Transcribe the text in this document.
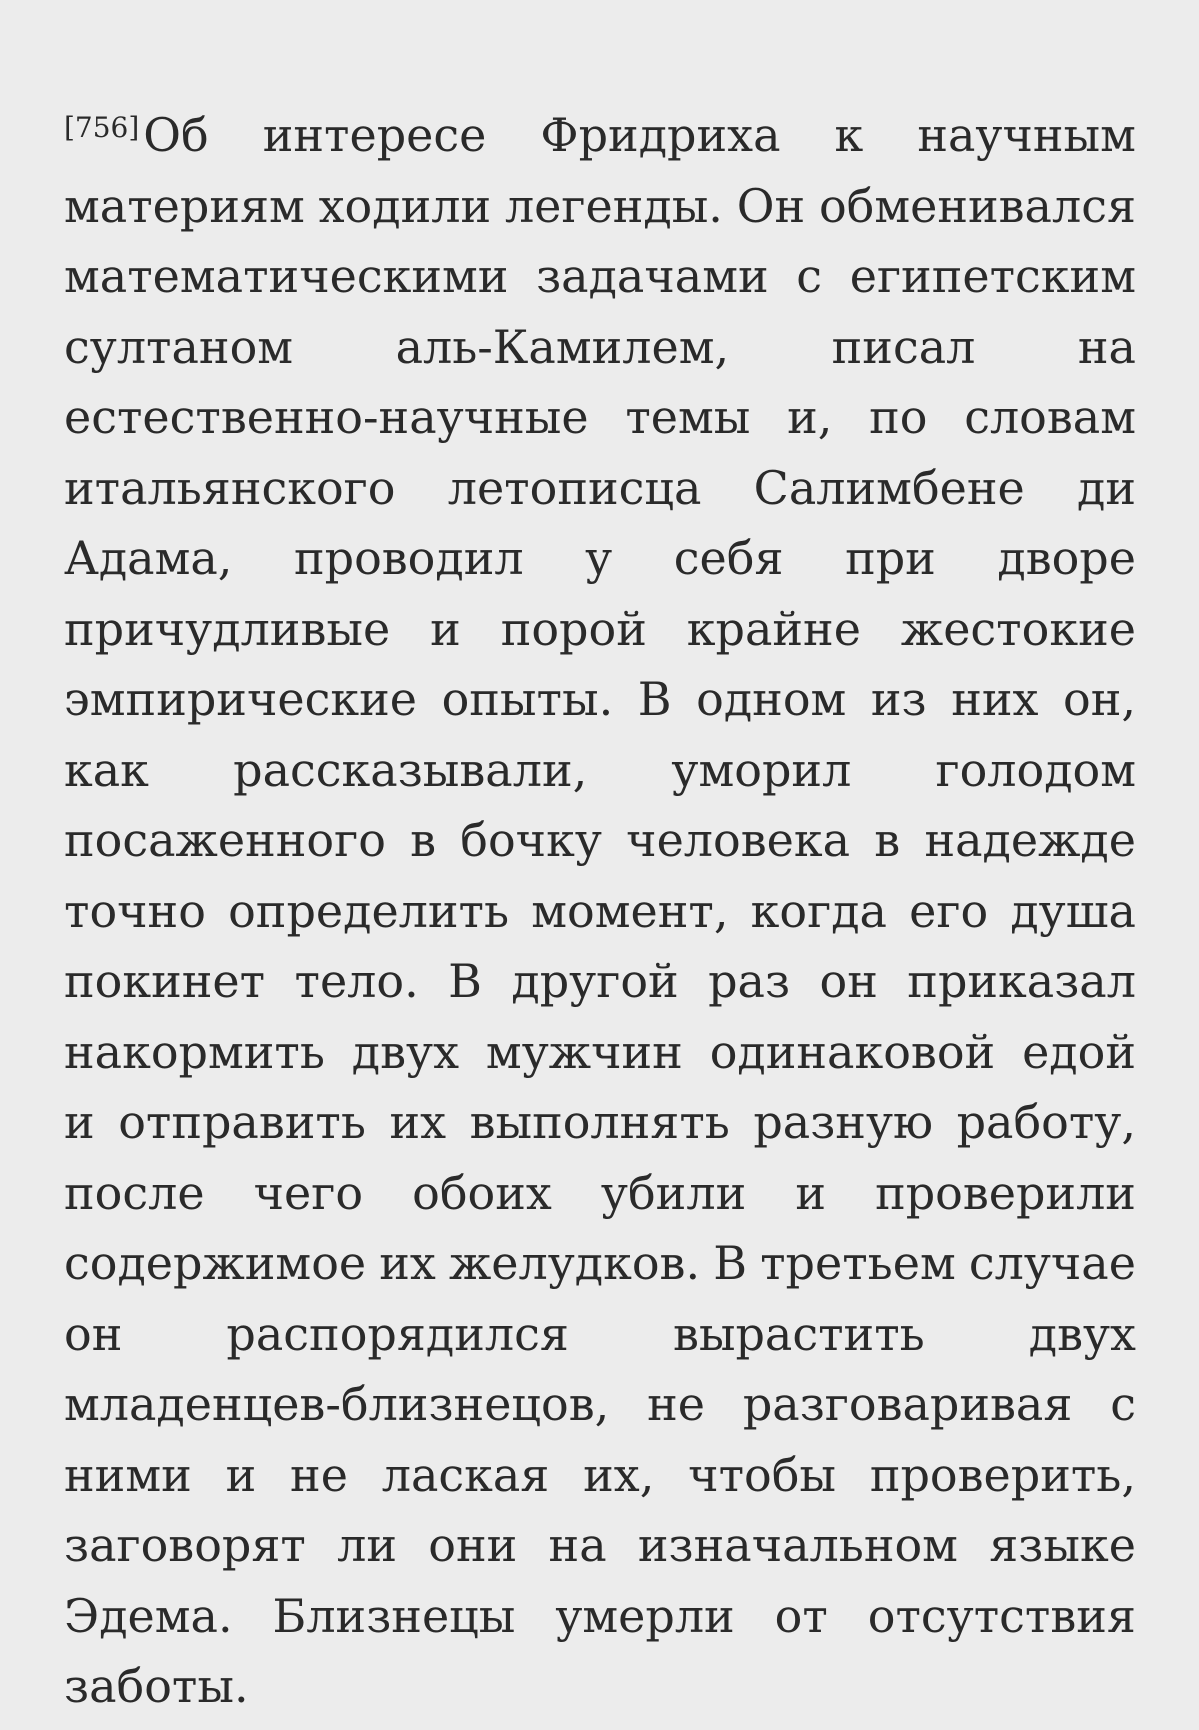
[756]Об интересе Фридриха к научным
материям ходили легенды. Он обменивался
математическими задачами с египетским
султаном аль-Камилем, писал на
естественно-научные темы и, по словам
итальянского летописца Салимбене ди
Адама, проводил у себя при дворе
причудливые и порой крайне жестокие
эмпирические опыты. В одном из них он,
как рассказывали, уморил голодом
посаженного в бочку человека в надежде
точно определить момент, когда его душа
покинет тело. В другой раз он приказал
накормить двух мужчин одинаковой едой
и отправить их выполнять разную работу,
после чего обоих убили и проверили
содержимое их желудков. В третьем случае
он распорядился вырастить двух
младенцев-близнецов, не разговаривая с
ними и не лаская их, чтобы проверить,
заговорят ли они на изначальном языке
Эдема. Близнецы умерли от отсутствия
заботы.
